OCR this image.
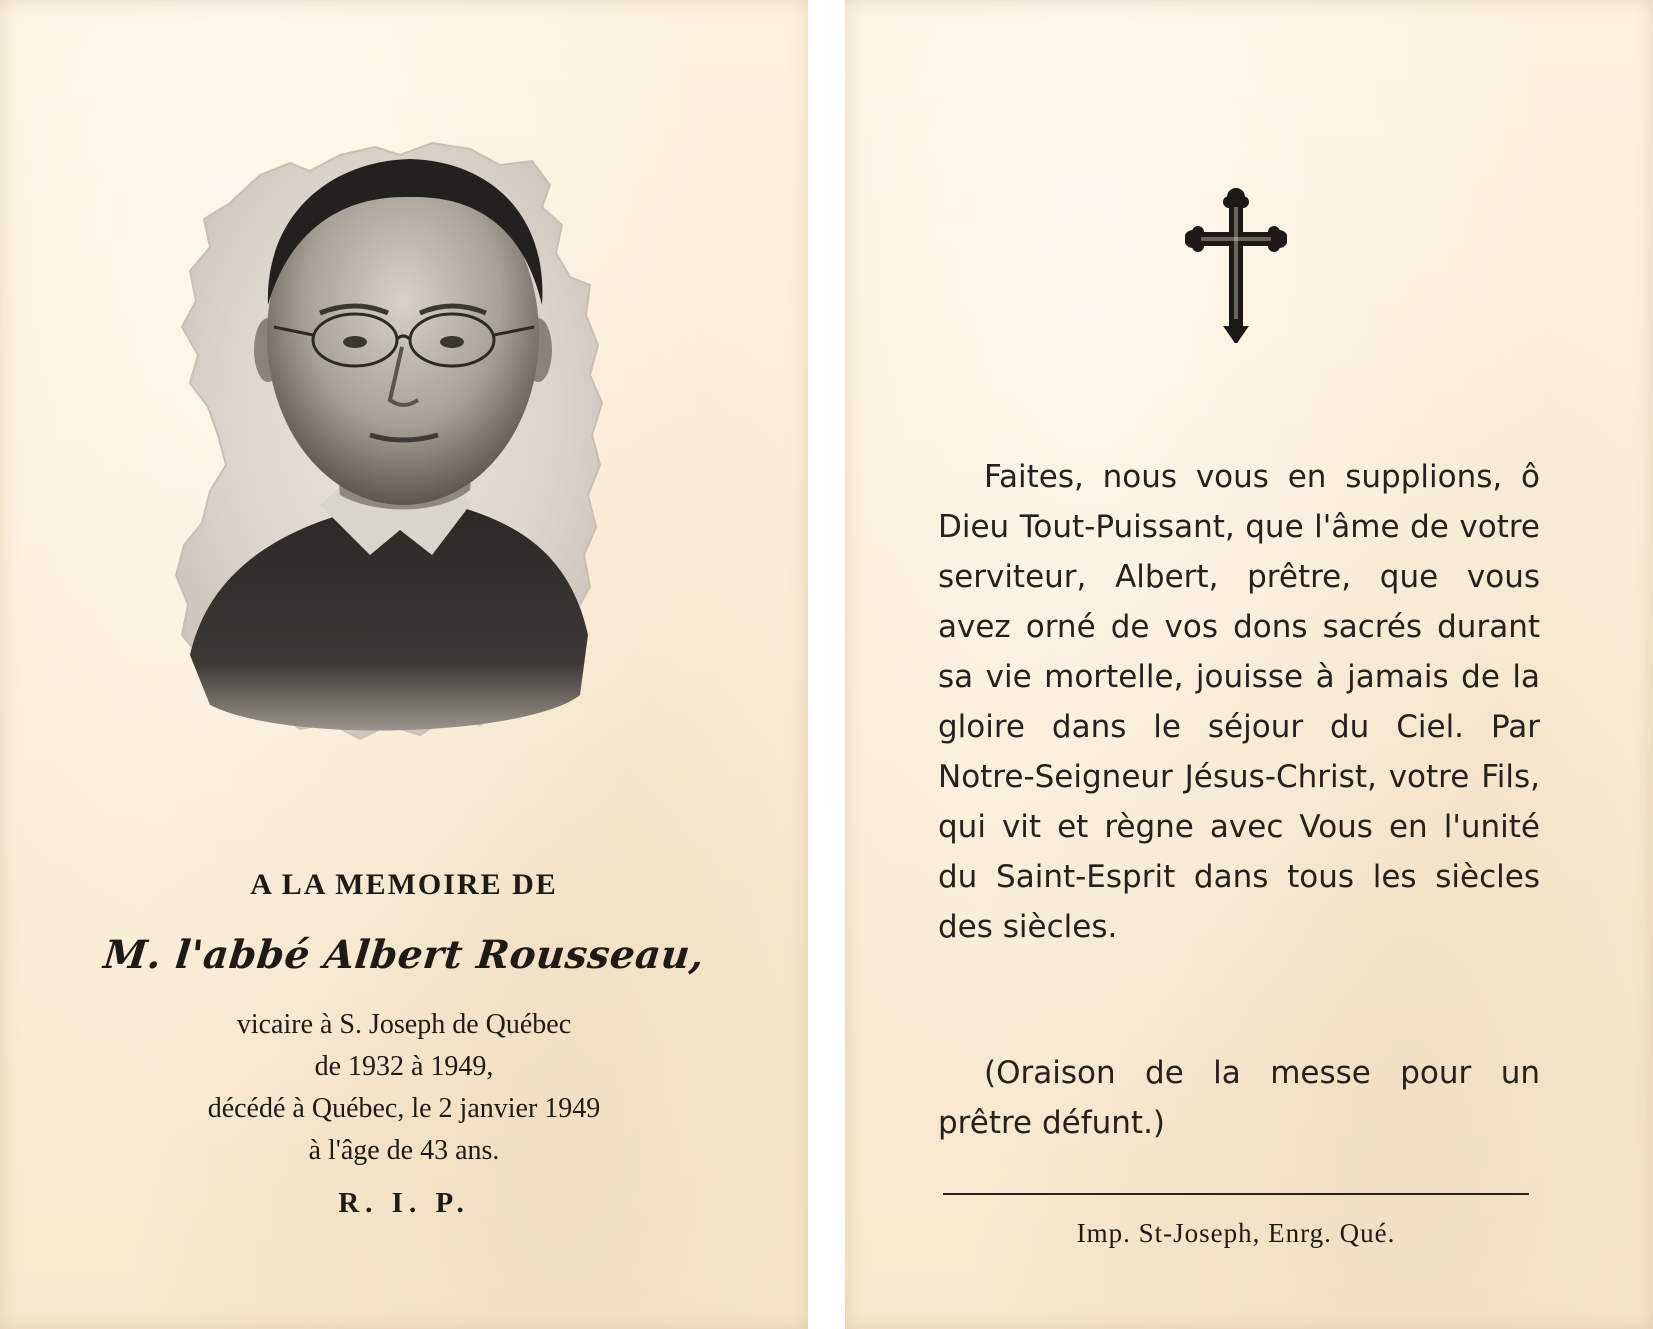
A LA MEMOIRE DE
M. l'abbé Albert Rousseau,
vicaire à S. Joseph de Québec
de 1932 à 1949,
décédé à Québec, le 2 janvier 1949
à l'âge de 43 ans.
R. I. P.

Faites, nous vous en supplions, ô Dieu Tout-Puissant, que l'âme de votre serviteur, Albert, prêtre, que vous avez orné de vos dons sacrés durant sa vie mortelle, jouisse à jamais de la gloire dans le séjour du Ciel. Par Notre-Seigneur Jésus-Christ, votre Fils, qui vit et règne avec Vous en l'unité du Saint-Esprit dans tous les siècles des siècles.

(Oraison de la messe pour un prêtre défunt.)
Imp. St-Joseph, Enrg. Qué.
